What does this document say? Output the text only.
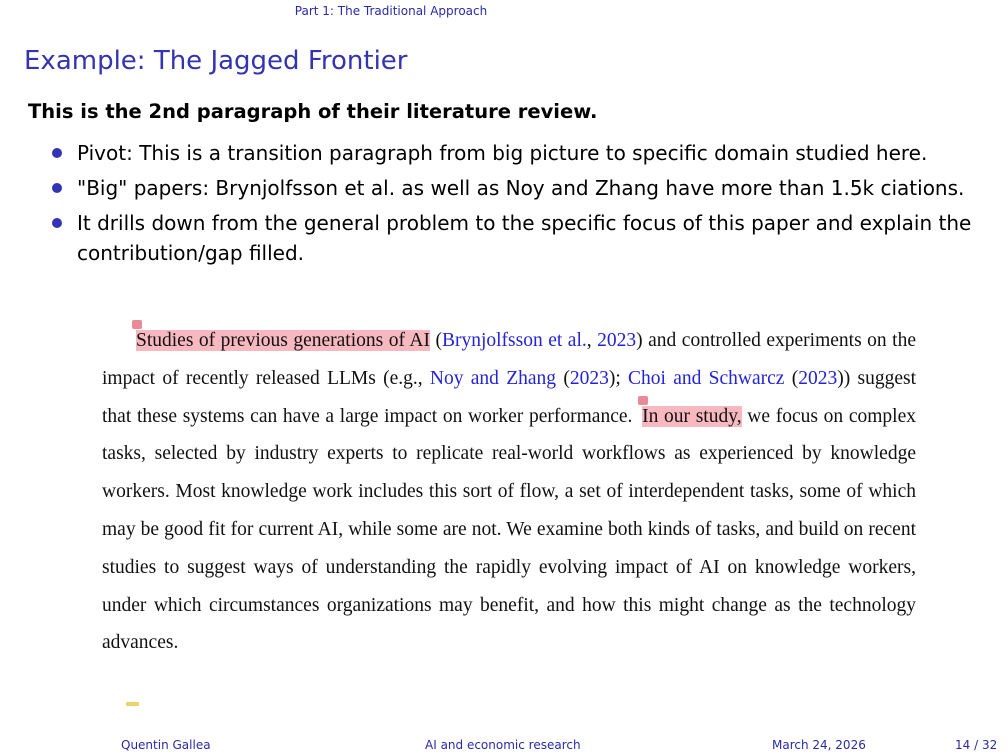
Part 1: The Traditional Approach
Example: The Jagged Frontier
This is the 2nd paragraph of their literature review.
Pivot: This is a transition paragraph from big picture to specific domain studied here.
"Big" papers: Brynjolfsson et al. as well as Noy and Zhang have more than 1.5k ciations.
It drills down from the general problem to the specific focus of this paper and explain the contribution/gap filled.

Studies of previous generations of AI (Brynjolfsson et al., 2023) and controlled experiments on the impact of recently released LLMs (e.g., Noy and Zhang (2023); Choi and Schwarcz (2023)) suggest that these systems can have a large impact on worker performance. In our study, we focus on complex tasks, selected by industry experts to replicate real-world workflows as experienced by knowledge workers. Most knowledge work includes this sort of flow, a set of interdependent tasks, some of which may be good fit for current AI, while some are not. We examine both kinds of tasks, and build on recent studies to suggest ways of understanding the rapidly evolving impact of AI on knowledge workers, under which circumstances organizations may benefit, and how this might change as the technology advances.

Quentin Gallea	AI and economic research	March 24, 2026	14 / 32
